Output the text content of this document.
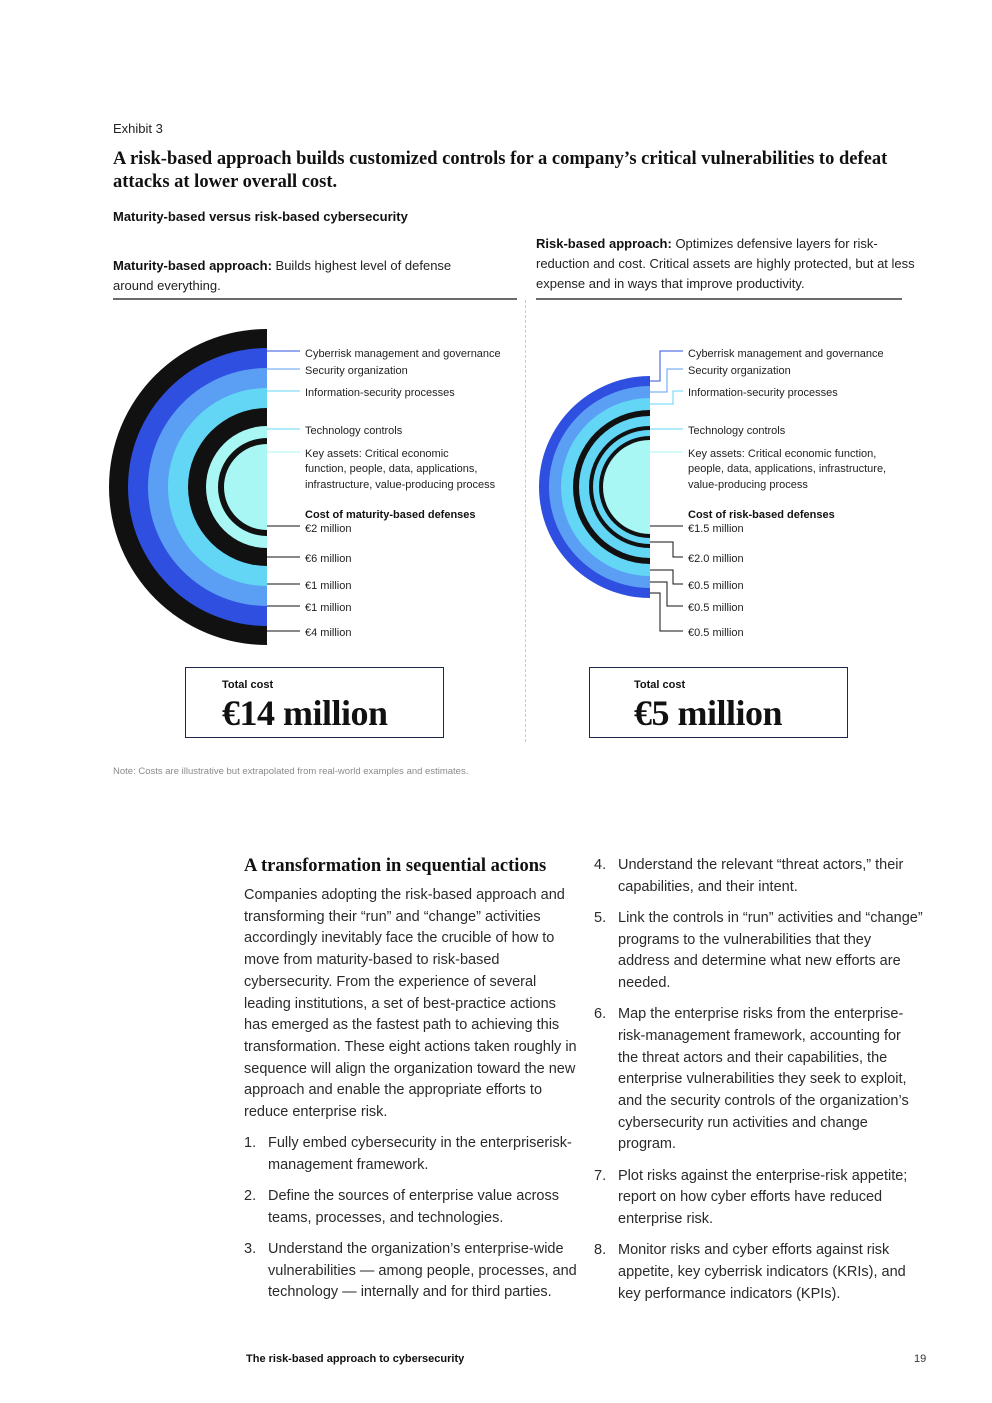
Exhibit 3
A risk-based approach builds customized controls for a company’s critical vulnerabilities to defeat attacks at lower overall cost.
Maturity-based versus risk-based cybersecurity
Maturity-based approach: Builds highest level of defense around everything.
Risk-based approach: Optimizes defensive layers for risk-reduction and cost. Critical assets are highly protected, but at less expense and in ways that improve productivity.
Cyberrisk management and governance
Security organization
Information-security processes
Technology controls
Key assets: Critical economic
function, people, data, applications,
infrastructure, value-producing process
Cost of maturity-based defenses
€2 million
€6 million
€1 million
€1 million
€4 million
Cyberrisk management and governance
Security organization
Information-security processes
Technology controls
Key assets: Critical economic function,
people, data, applications, infrastructure,
value-producing process
Cost of risk-based defenses
€1.5 million
€2.0 million
€0.5 million
€0.5 million
€0.5 million
Total cost
€14 million
Total cost
€5 million
Note: Costs are illustrative but extrapolated from real-world examples and estimates.
A transformation in sequential actions

Companies adopting the risk-based approach and transforming their “run” and “change” activities accordingly inevitably face the crucible of how to move from maturity-based to risk-based cybersecurity. From the experience of several leading institutions, a set of best-practice actions has emerged as the fastest path to achieving this transformation. These eight actions taken roughly in sequence will align the organization toward the new approach and enable the appropriate efforts to reduce enterprise risk.

1. Fully embed cybersecurity in the enterpriserisk- management framework.
2. Define the sources of enterprise value across teams, processes, and technologies.
3. Understand the organization’s enterprise-wide vulnerabilities — among people, processes, and technology — internally and for third parties.
4. Understand the relevant “threat actors,” their capabilities, and their intent.
5. Link the controls in “run” activities and “change” programs to the vulnerabilities that they address and determine what new efforts are needed.
6. Map the enterprise risks from the enterprise-risk-management framework, accounting for the threat actors and their capabilities, the enterprise vulnerabilities they seek to exploit, and the security controls of the organization’s cybersecurity run activities and change program.
7. Plot risks against the enterprise-risk appetite; report on how cyber efforts have reduced enterprise risk.
8. Monitor risks and cyber efforts against risk appetite, key cyberrisk indicators (KRIs), and key performance indicators (KPIs).
The risk-based approach to cybersecurity	19
